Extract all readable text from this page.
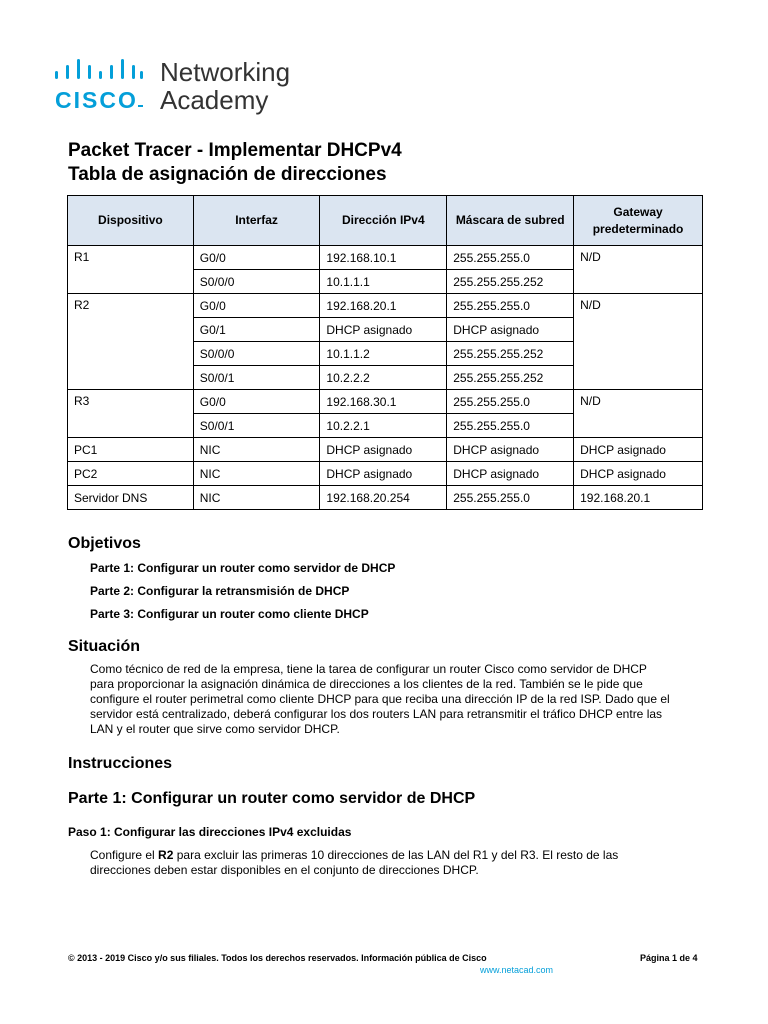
CISCO
Networking
Academy
Packet Tracer - Implementar DHCPv4
Tabla de asignación de direcciones
Dispositivo	Interfaz	Dirección IPv4	Máscara de subred	Gateway predeterminado
R1	G0/0	192.168.10.1	255.255.255.0	N/D
	S0/0/0	10.1.1.1	255.255.255.252	
R2	G0/0	192.168.20.1	255.255.255.0	N/D
	G0/1	DHCP asignado	DHCP asignado	
	S0/0/0	10.1.1.2	255.255.255.252	
	S0/0/1	10.2.2.2	255.255.255.252	
R3	G0/0	192.168.30.1	255.255.255.0	N/D
	S0/0/1	10.2.2.1	255.255.255.0	
PC1	NIC	DHCP asignado	DHCP asignado	DHCP asignado
PC2	NIC	DHCP asignado	DHCP asignado	DHCP asignado
Servidor DNS	NIC	192.168.20.254	255.255.255.0	192.168.20.1
Objetivos
Parte 1: Configurar un router como servidor de DHCP
Parte 2: Configurar la retransmisión de DHCP
Parte 3: Configurar un router como cliente DHCP
Situación
Como técnico de red de la empresa, tiene la tarea de configurar un router Cisco como servidor de DHCP
para proporcionar la asignación dinámica de direcciones a los clientes de la red. También se le pide que
configure el router perimetral como cliente DHCP para que reciba una dirección IP de la red ISP. Dado que el
servidor está centralizado, deberá configurar los dos routers LAN para retransmitir el tráfico DHCP entre las
LAN y el router que sirve como servidor DHCP.
Instrucciones
Parte 1: Configurar un router como servidor de DHCP
Paso 1: Configurar las direcciones IPv4 excluidas
Configure el R2 para excluir las primeras 10 direcciones de las LAN del R1 y del R3. El resto de las
direcciones deben estar disponibles en el conjunto de direcciones DHCP.
© 2013 - 2019 Cisco y/o sus filiales. Todos los derechos reservados. Información pública de Cisco	Página 1 de 4
www.netacad.com
